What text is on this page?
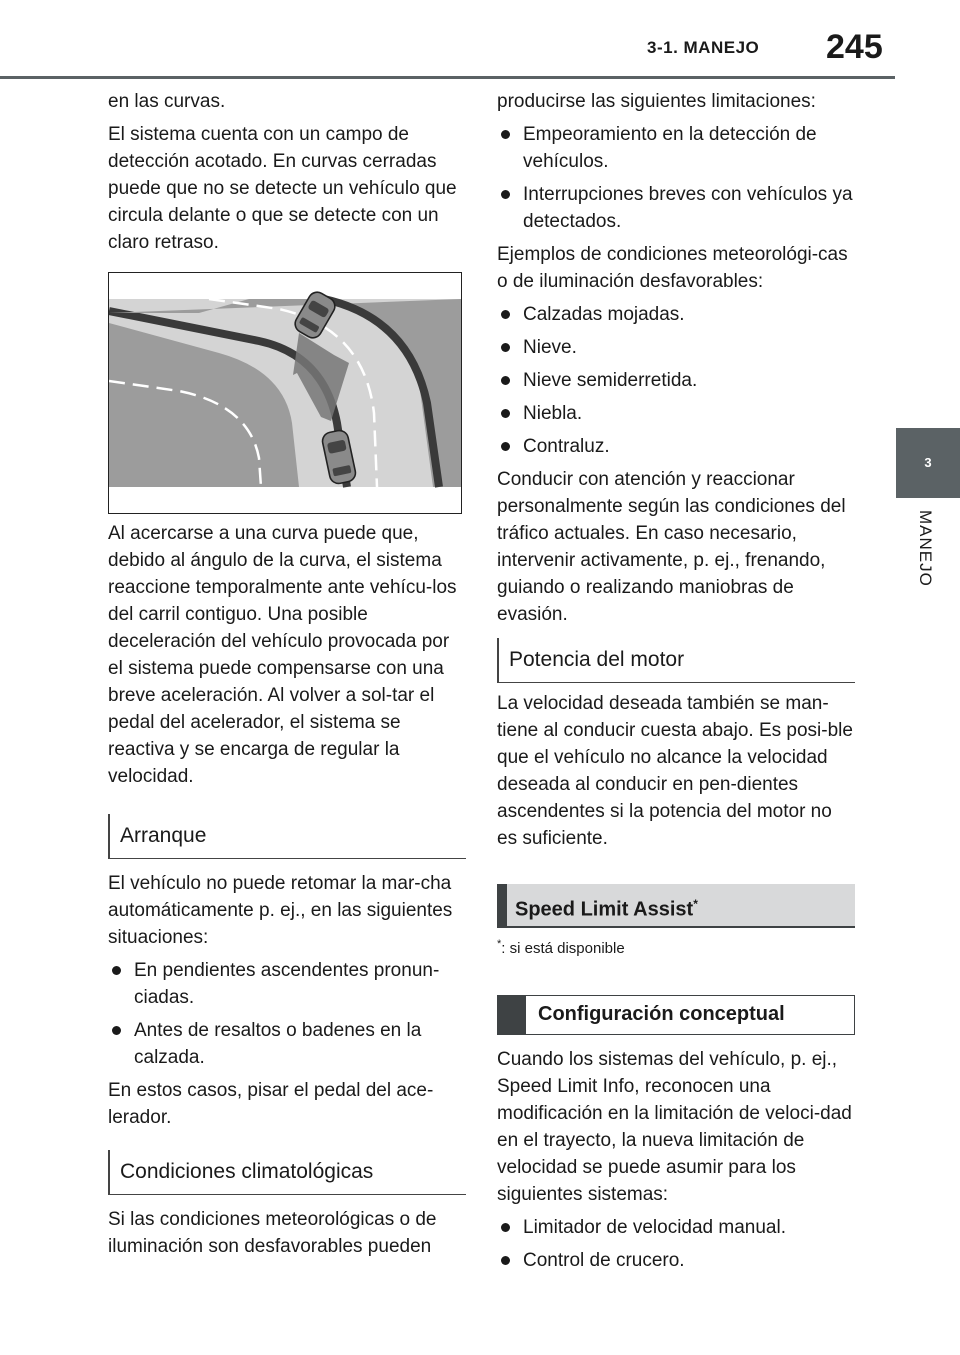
3-1. MANEJO 245
3
MANEJO

en las curvas.

El sistema cuenta con un campo de detección acotado. En curvas cerradas puede que no se detecte un vehículo que circula delante o que se detecte con un claro retraso.

Al acercarse a una curva puede que, debido al ángulo de la curva, el sistema reaccione temporalmente ante vehícu-los del carril contiguo. Una posible deceleración del vehículo provocada por el sistema puede compensarse con una breve aceleración. Al volver a sol-tar el pedal del acelerador, el sistema se reactiva y se encarga de regular la velocidad.

Arranque

El vehículo no puede retomar la mar-cha automáticamente p. ej., en las siguientes situaciones:

En pendientes ascendentes pronun-ciadas.
Antes de resaltos o badenes en la calzada.

En estos casos, pisar el pedal del ace-lerador.

Condiciones climatológicas

Si las condiciones meteorológicas o de iluminación son desfavorables pueden

producirse las siguientes limitaciones:

Empeoramiento en la detección de vehículos.
Interrupciones breves con vehículos ya detectados.

Ejemplos de condiciones meteorológi-cas o de iluminación desfavorables:

Calzadas mojadas.
Nieve.
Nieve semiderretida.
Niebla.
Contraluz.

Conducir con atención y reaccionar personalmente según las condiciones del tráfico actuales. En caso necesario, intervenir activamente, p. ej., frenando, guiando o realizando maniobras de evasión.

Potencia del motor

La velocidad deseada también se man-tiene al conducir cuesta abajo. Es posi-ble que el vehículo no alcance la velocidad deseada al conducir en pen-dientes ascendentes si la potencia del motor no es suficiente.

Speed Limit Assist*
*: si está disponible
Configuración conceptual

Cuando los sistemas del vehículo, p. ej., Speed Limit Info, reconocen una modificación en la limitación de veloci-dad en el trayecto, la nueva limitación de velocidad se puede asumir para los siguientes sistemas:

Limitador de velocidad manual.
Control de crucero.
